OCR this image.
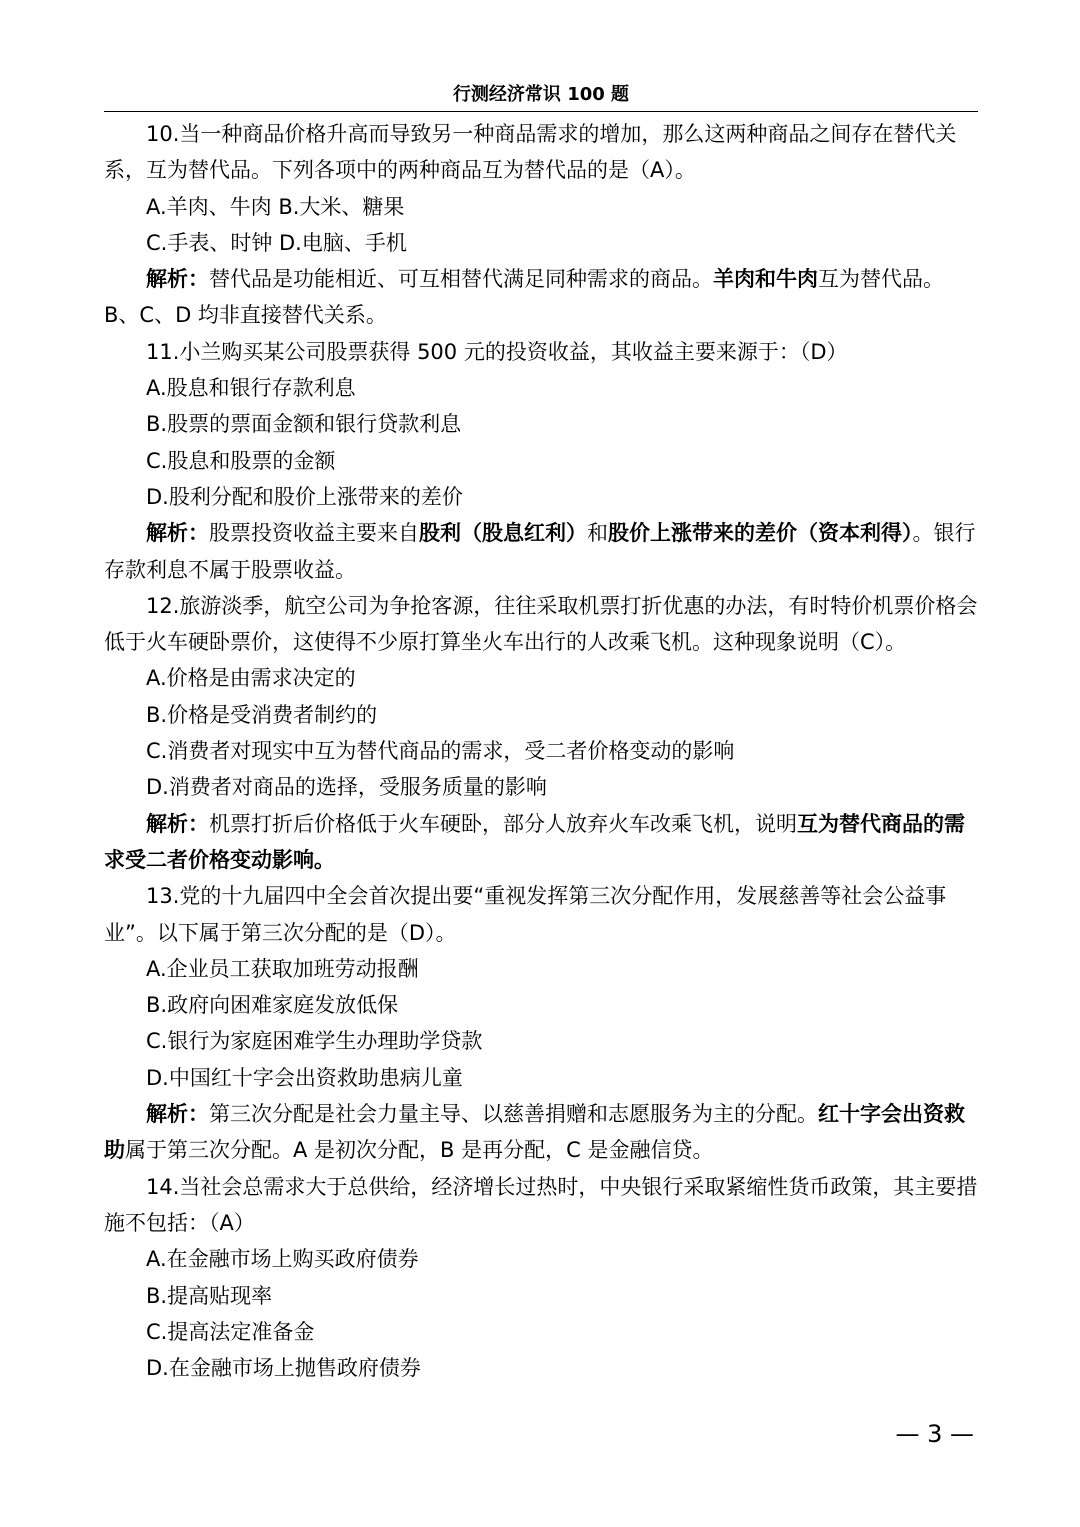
行测经济常识 100 题

10.当一种商品价格升高而导致另一种商品需求的增加，那么这两种商品之间存在替代关系，互为替代品。下列各项中的两种商品互为替代品的是（A）。

A.羊肉、牛肉 B.大米、糖果

C.手表、时钟 D.电脑、手机

解析：替代品是功能相近、可互相替代满足同种需求的商品。羊肉和牛肉互为替代品。B、C、D 均非直接替代关系。

11.小兰购买某公司股票获得 500 元的投资收益，其收益主要来源于：（D）

A.股息和银行存款利息

B.股票的票面金额和银行贷款利息

C.股息和股票的金额

D.股利分配和股价上涨带来的差价

解析：股票投资收益主要来自股利（股息红利）和股价上涨带来的差价（资本利得）。银行存款利息不属于股票收益。

12.旅游淡季，航空公司为争抢客源，往往采取机票打折优惠的办法，有时特价机票价格会低于火车硬卧票价，这使得不少原打算坐火车出行的人改乘飞机。这种现象说明（C）。

A.价格是由需求决定的

B.价格是受消费者制约的

C.消费者对现实中互为替代商品的需求，受二者价格变动的影响

D.消费者对商品的选择，受服务质量的影响

解析：机票打折后价格低于火车硬卧，部分人放弃火车改乘飞机，说明互为替代商品的需求受二者价格变动影响。

13.党的十九届四中全会首次提出要“重视发挥第三次分配作用，发展慈善等社会公益事业”。以下属于第三次分配的是（D）。

A.企业员工获取加班劳动报酬

B.政府向困难家庭发放低保

C.银行为家庭困难学生办理助学贷款

D.中国红十字会出资救助患病儿童

解析：第三次分配是社会力量主导、以慈善捐赠和志愿服务为主的分配。红十字会出资救助属于第三次分配。A 是初次分配，B 是再分配，C 是金融信贷。

14.当社会总需求大于总供给，经济增长过热时，中央银行采取紧缩性货币政策，其主要措施不包括：（A）

A.在金融市场上购买政府债券

B.提高贴现率

C.提高法定准备金

D.在金融市场上抛售政府债券

— 3 —
